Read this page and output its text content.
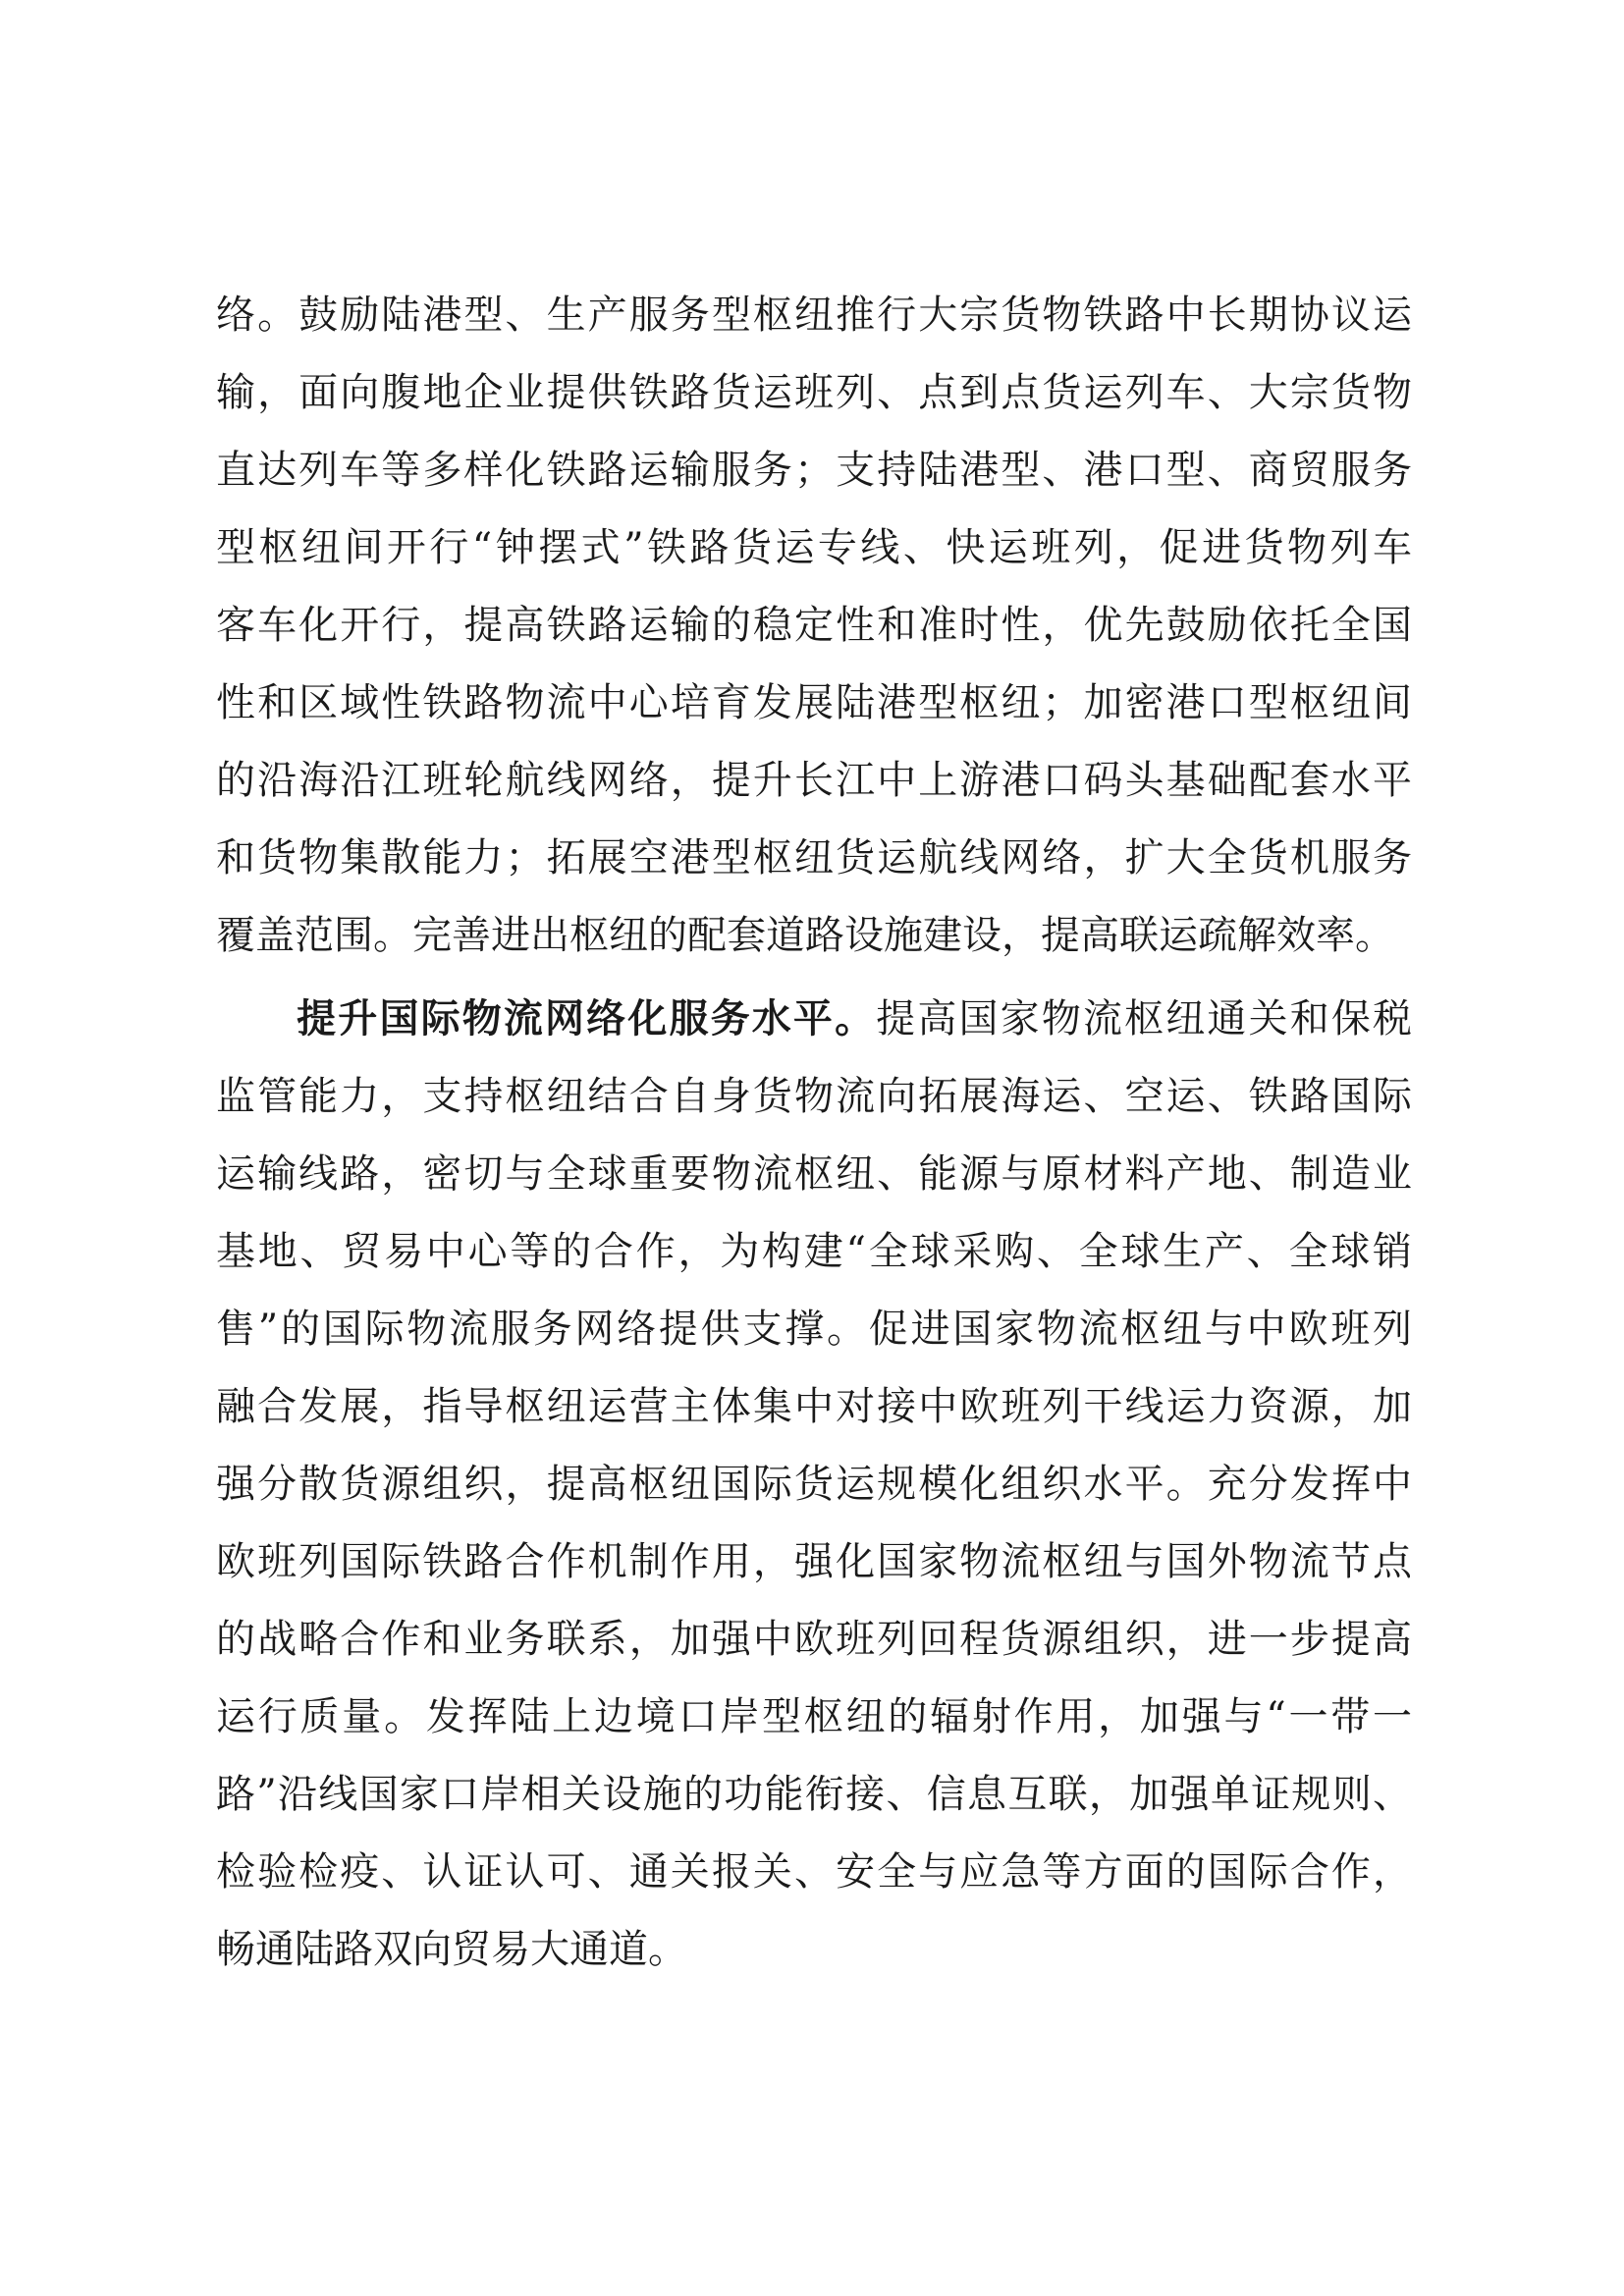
络。鼓励陆港型、生产服务型枢纽推行大宗货物铁路中长期协议运
输，面向腹地企业提供铁路货运班列、点到点货运列车、大宗货物
直达列车等多样化铁路运输服务；支持陆港型、港口型、商贸服务
型枢纽间开行“钟摆式”铁路货运专线、快运班列，促进货物列车
客车化开行，提高铁路运输的稳定性和准时性，优先鼓励依托全国
性和区域性铁路物流中心培育发展陆港型枢纽；加密港口型枢纽间
的沿海沿江班轮航线网络，提升长江中上游港口码头基础配套水平
和货物集散能力；拓展空港型枢纽货运航线网络，扩大全货机服务
覆盖范围。完善进出枢纽的配套道路设施建设，提高联运疏解效率。
提升国际物流网络化服务水平。提高国家物流枢纽通关和保税
监管能力，支持枢纽结合自身货物流向拓展海运、空运、铁路国际
运输线路，密切与全球重要物流枢纽、能源与原材料产地、制造业
基地、贸易中心等的合作，为构建“全球采购、全球生产、全球销
售”的国际物流服务网络提供支撑。促进国家物流枢纽与中欧班列
融合发展，指导枢纽运营主体集中对接中欧班列干线运力资源，加
强分散货源组织，提高枢纽国际货运规模化组织水平。充分发挥中
欧班列国际铁路合作机制作用，强化国家物流枢纽与国外物流节点
的战略合作和业务联系，加强中欧班列回程货源组织，进一步提高
运行质量。发挥陆上边境口岸型枢纽的辐射作用，加强与“一带一
路”沿线国家口岸相关设施的功能衔接、信息互联，加强单证规则、
检验检疫、认证认可、通关报关、安全与应急等方面的国际合作，
畅通陆路双向贸易大通道。
